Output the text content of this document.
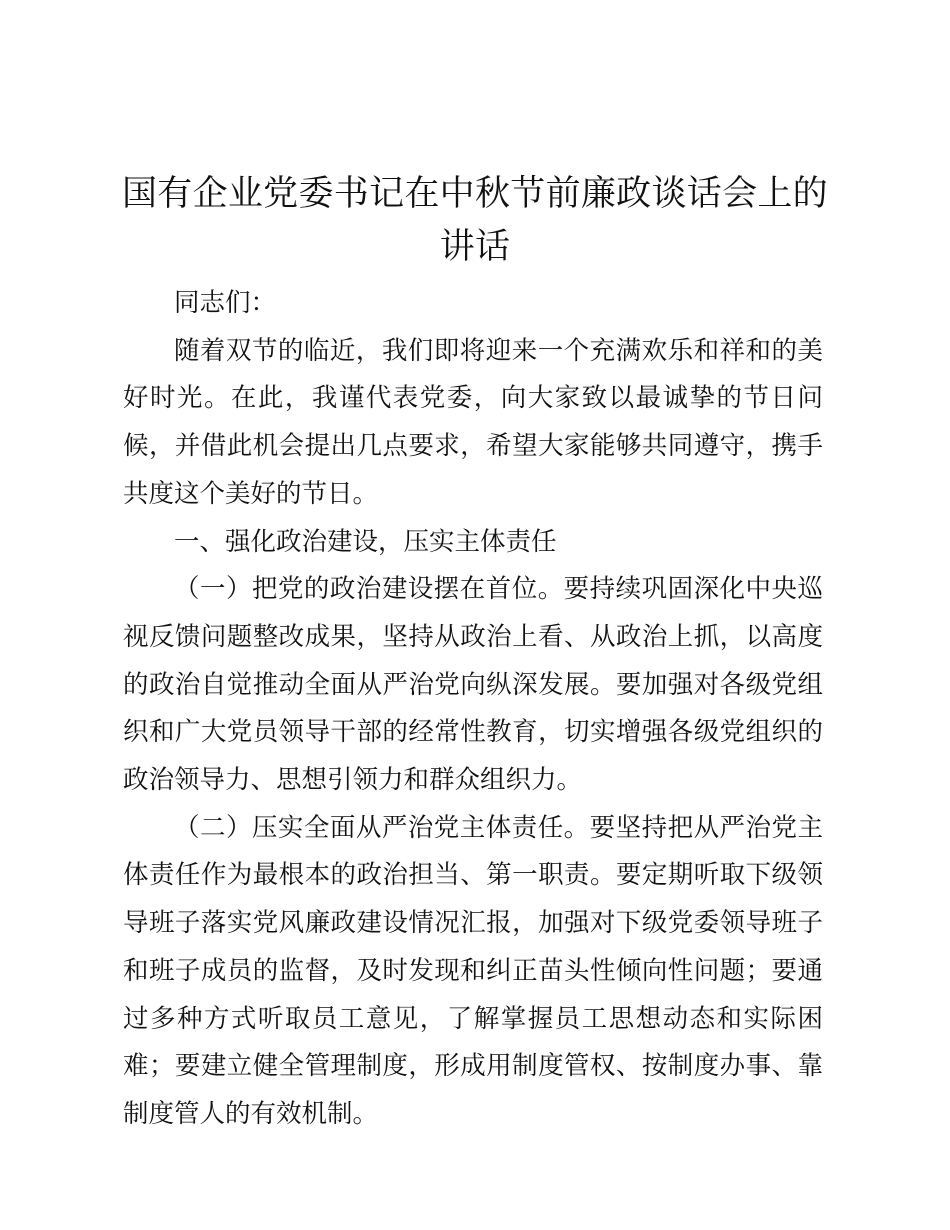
国有企业党委书记在中秋节前廉政谈话会上的讲话

同志们：

随着双节的临近，我们即将迎来一个充满欢乐和祥和的美好时光。在此，我谨代表党委，向大家致以最诚挚的节日问候，并借此机会提出几点要求，希望大家能够共同遵守，携手共度这个美好的节日。

一、强化政治建设，压实主体责任

（一）把党的政治建设摆在首位。要持续巩固深化中央巡视反馈问题整改成果，坚持从政治上看、从政治上抓，以高度的政治自觉推动全面从严治党向纵深发展。要加强对各级党组织和广大党员领导干部的经常性教育，切实增强各级党组织的政治领导力、思想引领力和群众组织力。

（二）压实全面从严治党主体责任。要坚持把从严治党主体责任作为最根本的政治担当、第一职责。要定期听取下级领导班子落实党风廉政建设情况汇报，加强对下级党委领导班子和班子成员的监督，及时发现和纠正苗头性倾向性问题；要通过多种方式听取员工意见，了解掌握员工思想动态和实际困难；要建立健全管理制度，形成用制度管权、按制度办事、靠制度管人的有效机制。
